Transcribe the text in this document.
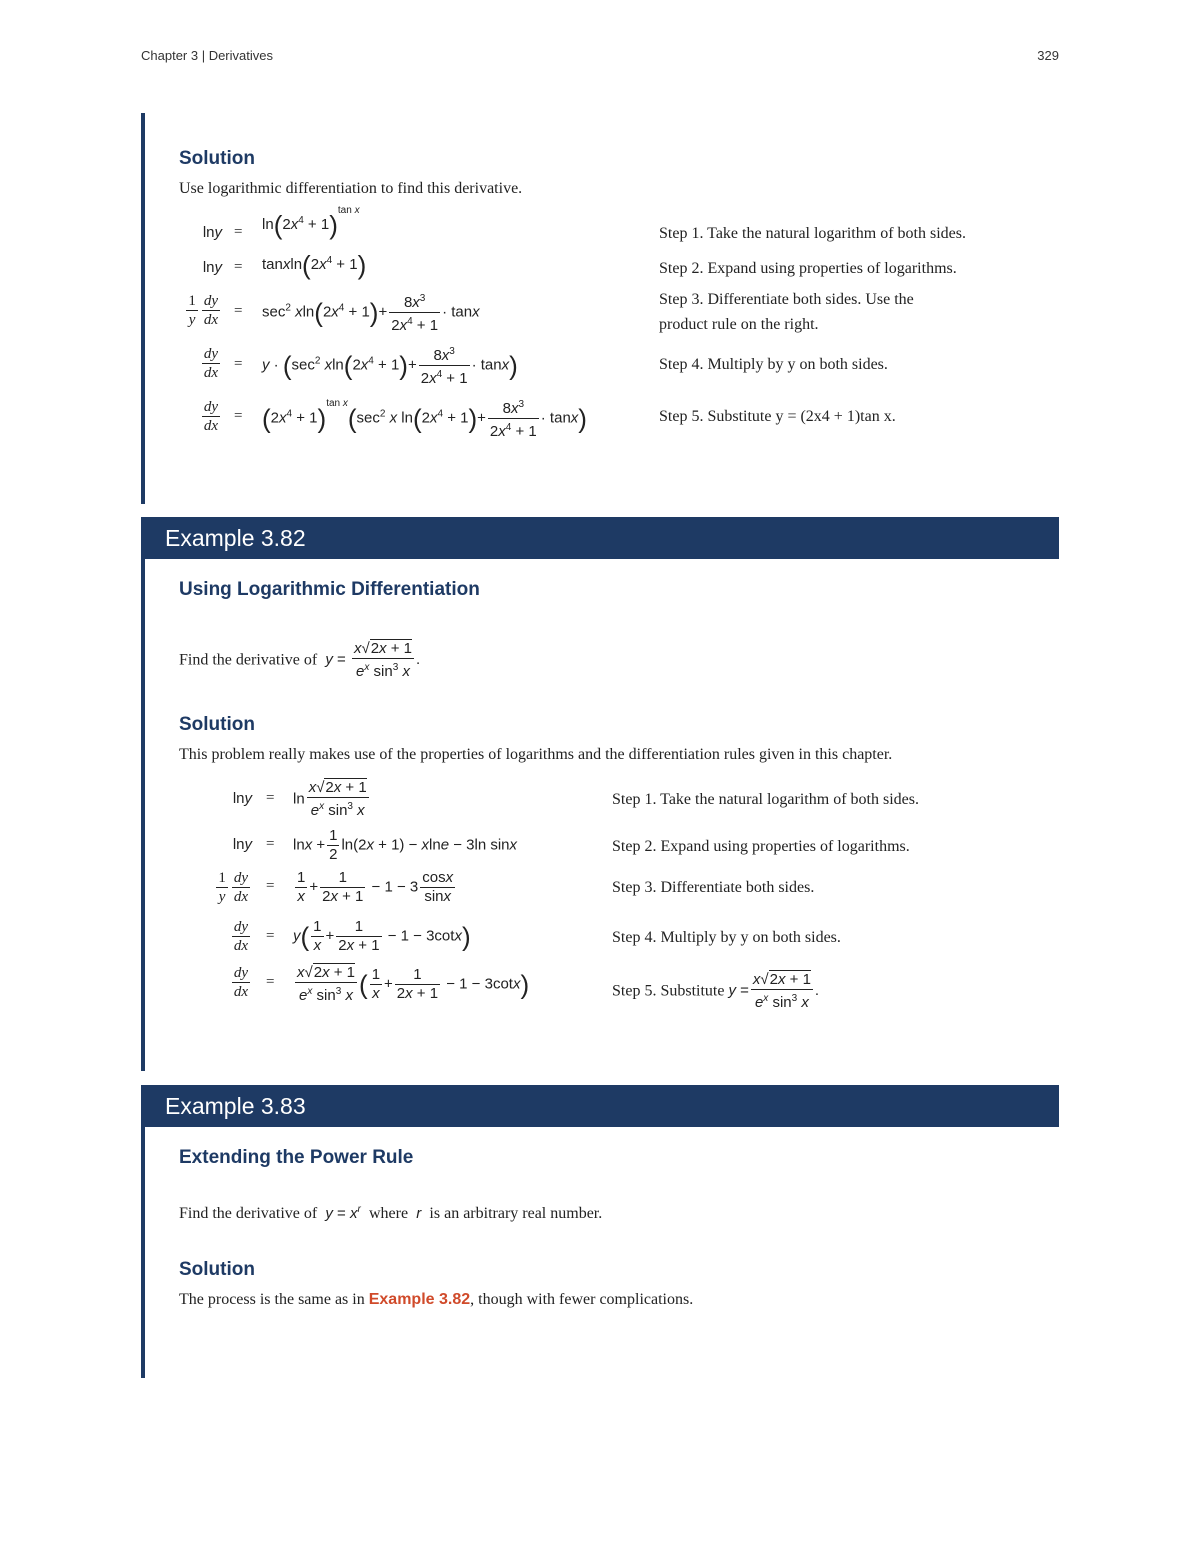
Chapter 3 | Derivatives	329
Solution
Use logarithmic differentiation to find this derivative.
$\ln y = \ln(2x^4 + 1)^{tan x}$
Step 1. Take the natural logarithm of both sides.
$\ln y = tanxln(2x^4 + 1)$	Step 2. Expand using properties of logarithms.
$\frac{1}{y} \frac{dy}{dx} = \sec^2 xln(2x^4 + 1)+ \frac{8x^3}{2x^4 + 1} \cdot \tan x$
Step 3. Differentiate both sides. Use the
product rule on the right.
$\frac{dy}{dx} = y \cdot (\sec^2$ $xln(2x^4 + 1)+ \frac{8x^3}{2x^4 + 1} \cdot \tan x$)	Step 4. Multiply by y on both sides.
$\frac{dy}{dx} = (2x^4 + 1)^{tan x}(\sec^2$ x $\ln(2x^4 + 1)+ \frac{8x^3}{2x^4 + 1} \cdot \tan x$)	Step 5. Substitute y = (2x4 + 1)tan x.
Example 3.82
Using Logarithmic Differentiation
Find the derivative of $y = \frac{x√2x + 1}{e^x \sin^3 x}$ .
Solution
This problem really makes use of the properties of logarithms and the differentiation rules given in this chapter.
$\ln y = \ln \frac{x√2x + 1}{e^x \sin^3 x}$	Step 1. Take the natural logarithm of both sides.
$\ln y = \ln x + \frac{1}{2} \ln(2x + 1) - xlne - 3\ln$ sinx	Step 2. Expand using properties of logarithms.
$\frac{1}{y} \frac{dy}{dx} = \frac{1}{x} + \frac{1}{2x + 1} - 1 - 3 \frac{\cos x}{\sin x}$	Step 3. Differentiate both sides.
$\frac{dy}{dx} = y( \frac{1}{x} + \frac{1}{2x + 1} - 1 - 3\cot x)$	Step 4. Multiply by y on both sides.
$\frac{dy}{dx} = \frac{x√2x + 1}{e^x \sin^3 x}$ ( $\frac{1}{x} + \frac{1}{2x + 1} - 1 - 3\cot x$)	Step 5. Substitute $y = \frac{x√2x + 1}{e^x \sin^3 x}$ .
Example 3.83
Extending the Power Rule
Find the derivative of $y = x^r$ where  r  is an arbitrary real number.
Solution
The process is the same as in Example 3.82, though with fewer complications.
